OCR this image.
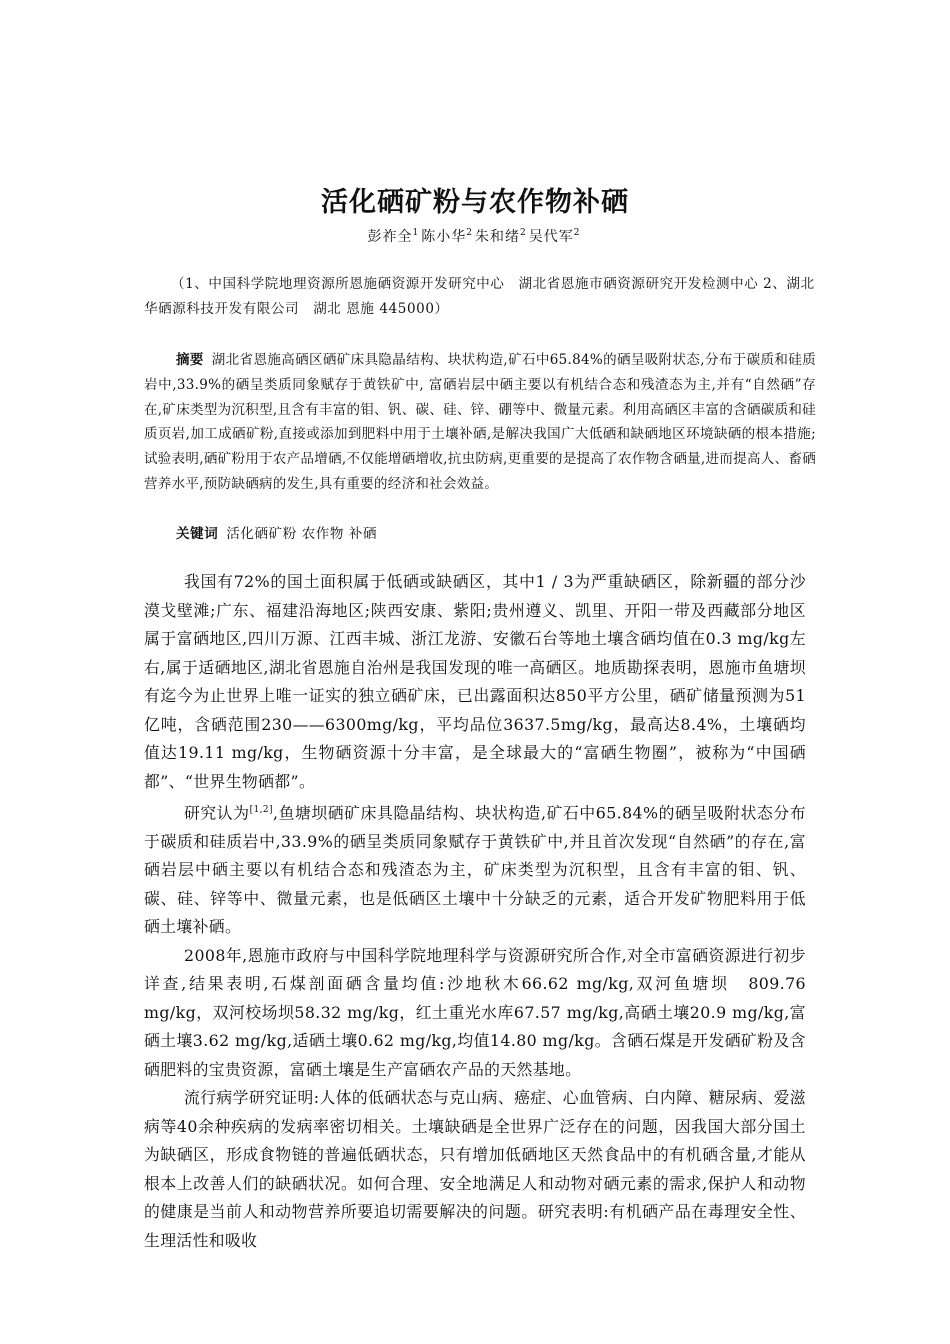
活化硒矿粉与农作物补硒
彭祚全$^1$ 陈小华$^2$ 朱和绪$^2$ 吴代军$^2$
（1、中国科学院地理资源所恩施硒资源开发研究中心　湖北省恩施市硒资源研究开发检测中心 2、湖北华硒源科技开发有限公司　湖北 恩施 445000）
摘要 湖北省恩施高硒区硒矿床具隐晶结构、块状构造,矿石中65.84%的硒呈吸附状态,分布于碳质和硅质岩中,33.9%的硒呈类质同象赋存于黄铁矿中, 富硒岩层中硒主要以有机结合态和残渣态为主,并有“自然硒”存在,矿床类型为沉积型,且含有丰富的钼、钒、碳、硅、锌、硼等中、微量元素。利用高硒区丰富的含硒碳质和硅质页岩,加工成硒矿粉,直接或添加到肥料中用于土壤补硒,是解决我国广大低硒和缺硒地区环境缺硒的根本措施;试验表明,硒矿粉用于农产品增硒,不仅能增硒增收,抗虫防病,更重要的是提高了农作物含硒量,进而提高人、畜硒营养水平,预防缺硒病的发生,具有重要的经济和社会效益。
关键词 活化硒矿粉 农作物 补硒

我国有72%的国土面积属于低硒或缺硒区，其中1 / 3为严重缺硒区，除新疆的部分沙漠戈壁滩;广东、福建沿海地区;陕西安康、紫阳;贵州遵义、凯里、开阳一带及西藏部分地区属于富硒地区,四川万源、江西丰城、浙江龙游、安徽石台等地土壤含硒均值在0.3 mg/kg左右,属于适硒地区,湖北省恩施自治州是我国发现的唯一高硒区。地质勘探表明，恩施市鱼塘坝有迄今为止世界上唯一证实的独立硒矿床，已出露面积达850平方公里，硒矿储量预测为51亿吨，含硒范围230——6300mg/kg，平均品位3637.5mg/kg，最高达8.4%，土壤硒均值达19.11 mg/kg，生物硒资源十分丰富，是全球最大的“富硒生物圈”，被称为“中国硒都”、“世界生物硒都”。

研究认为[1,2],鱼塘坝硒矿床具隐晶结构、块状构造,矿石中65.84%的硒呈吸附状态分布于碳质和硅质岩中,33.9%的硒呈类质同象赋存于黄铁矿中,并且首次发现“自然硒”的存在,富硒岩层中硒主要以有机结合态和残渣态为主，矿床类型为沉积型，且含有丰富的钼、钒、碳、硅、锌等中、微量元素，也是低硒区土壤中十分缺乏的元素，适合开发矿物肥料用于低硒土壤补硒。

2008年,恩施市政府与中国科学院地理科学与资源研究所合作,对全市富硒资源进行初步详查,结果表明,石煤剖面硒含量均值:沙地秋木66.62 mg/kg,双河鱼塘坝　809.76 mg/kg，双河校场坝58.32 mg/kg，红土重光水库67.57 mg/kg,高硒土壤20.9 mg/kg,富硒土壤3.62 mg/kg,适硒土壤0.62 mg/kg,均值14.80 mg/kg。含硒石煤是开发硒矿粉及含硒肥料的宝贵资源，富硒土壤是生产富硒农产品的天然基地。

流行病学研究证明:人体的低硒状态与克山病、癌症、心血管病、白内障、糖尿病、爱滋病等40余种疾病的发病率密切相关。土壤缺硒是全世界广泛存在的问题，因我国大部分国土为缺硒区，形成食物链的普遍低硒状态，只有增加低硒地区天然食品中的有机硒含量,才能从根本上改善人们的缺硒状况。如何合理、安全地满足人和动物对硒元素的需求,保护人和动物的健康是当前人和动物营养所要追切需要解决的问题。研究表明:有机硒产品在毒理安全性、生理活性和吸收
